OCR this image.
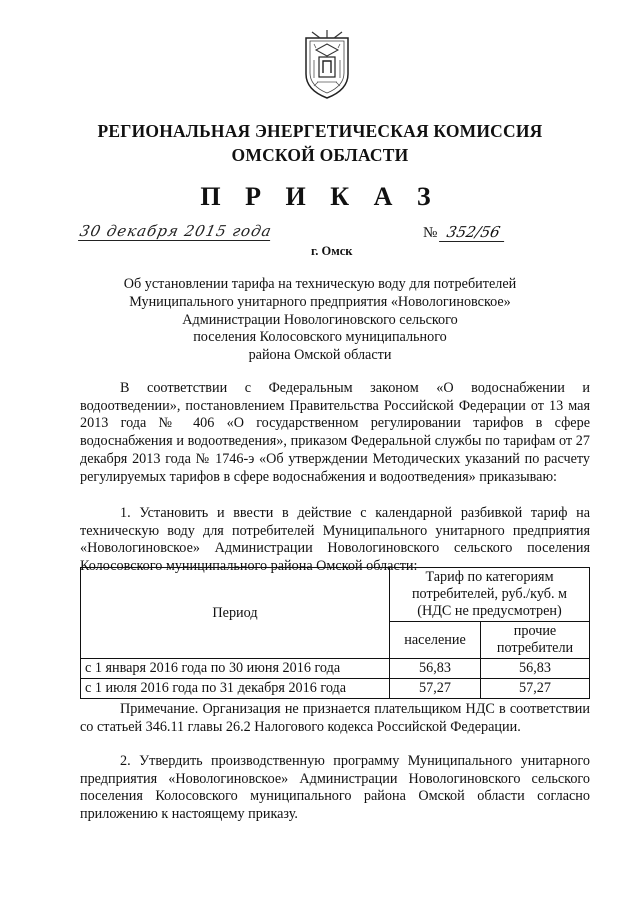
РЕГИОНАЛЬНАЯ ЭНЕРГЕТИЧЕСКАЯ КОМИССИЯ
ОМСКОЙ ОБЛАСТИ
П Р И К А З
30 декабря 2015 года
г. Омск
№ 352/56
Об установлении тарифа на техническую воду для потребителей
Муниципального унитарного предприятия «Новологиновское»
Администрации Новологиновского сельского
поселения Колосовского муниципального
района Омской области
В соответствии с Федеральным законом «О водоснабжении и водоотведении», постановлением Правительства Российской Федерации от 13 мая 2013 года № 406 «О государственном регулировании тарифов в сфере водоснабжения и водоотведения», приказом Федеральной службы по тарифам от 27 декабря 2013 года № 1746-э «Об утверждении Методических указаний по расчету регулируемых тарифов в сфере водоснабжения и водоотведения» приказываю:
1. Установить и ввести в действие с календарной разбивкой тариф на техническую воду для потребителей Муниципального унитарного предприятия «Новологиновское» Администрации Новологиновского сельского поселения Колосовского муниципального района Омской области:
Период	Тариф по категориям потребителей, руб./куб. м (НДС не предусмотрен)	
	население	прочие потребители
с 1 января 2016 года по 30 июня 2016 года	56,83	56,83
с 1 июля 2016 года по 31 декабря 2016 года	57,27	57,27
Примечание. Организация не признается плательщиком НДС в соответствии со статьей 346.11 главы 26.2 Налогового кодекса Российской Федерации.
2. Утвердить производственную программу Муниципального унитарного предприятия «Новологиновское» Администрации Новологиновского сельского поселения Колосовского муниципального района Омской области согласно приложению к настоящему приказу.
